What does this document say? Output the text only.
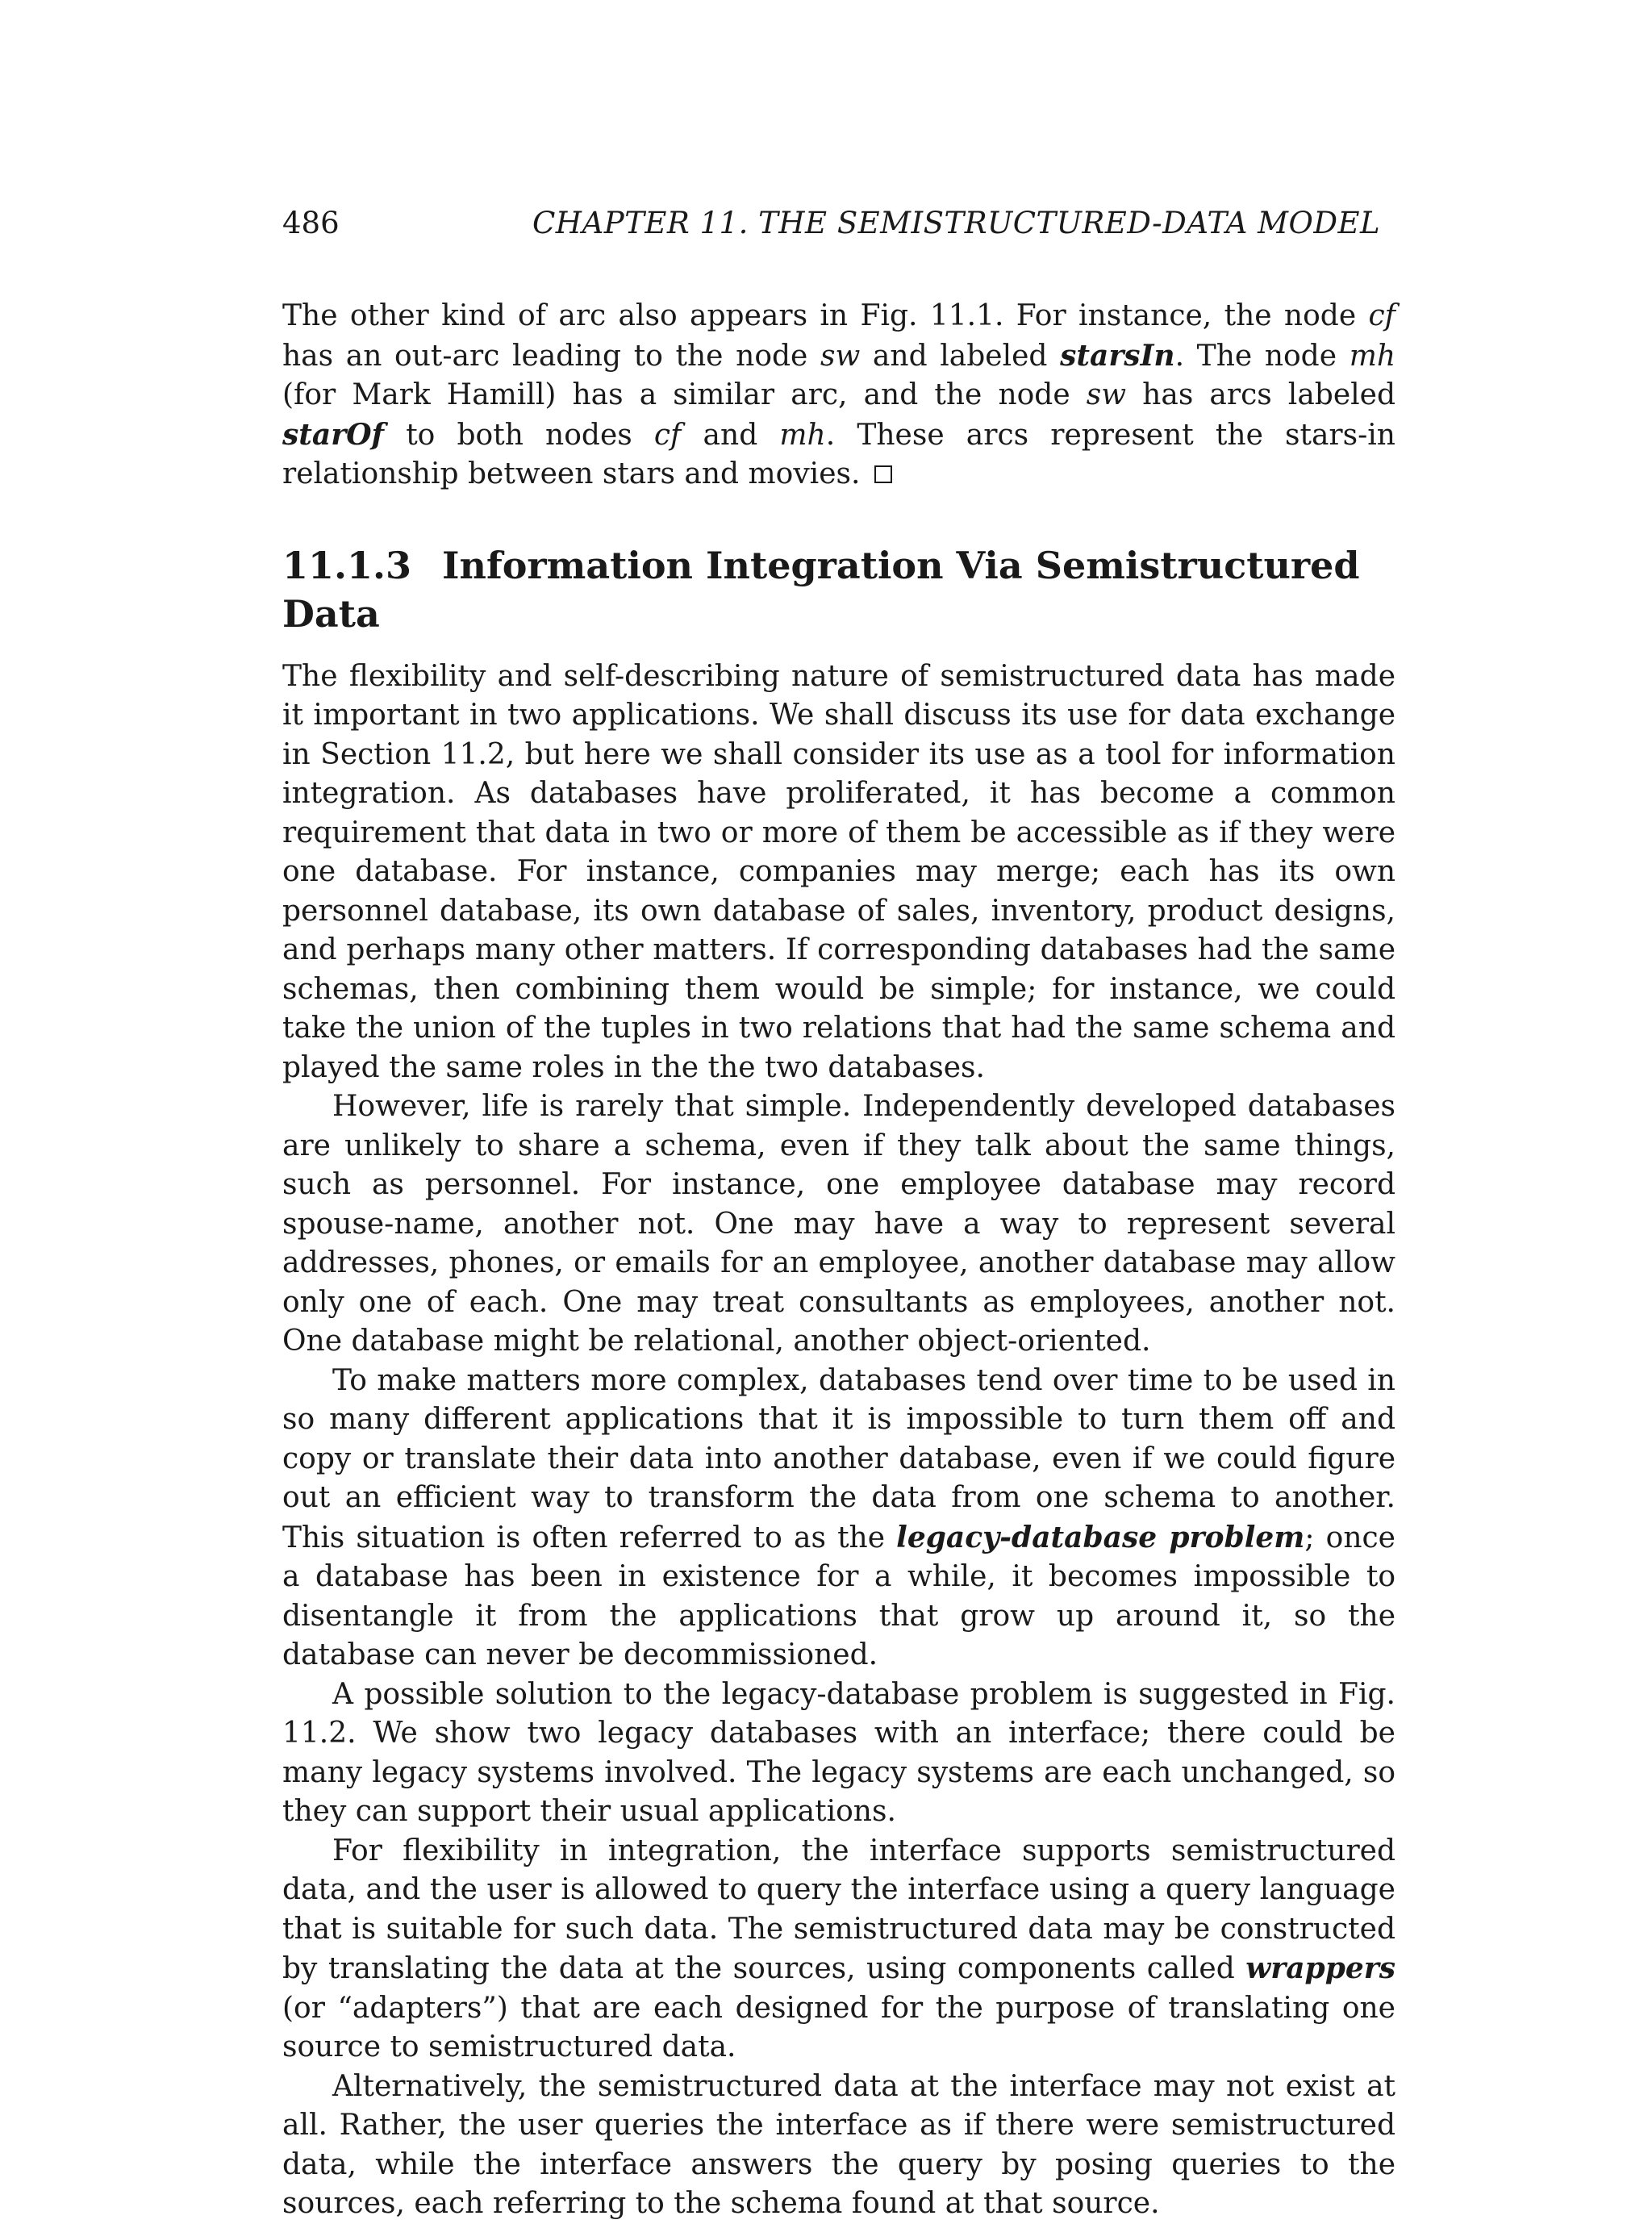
486	CHAPTER 11. THE SEMISTRUCTURED-DATA MODEL

The other kind of arc also appears in Fig. 11.1. For instance, the node cf has an out-arc leading to the node sw and labeled starsIn. The node mh (for Mark Hamill) has a similar arc, and the node sw has arcs labeled starOf to both nodes cf and mh. These arcs represent the stars-in relationship between stars and movies.

11.1.3 Information Integration Via Semistructured Data

The flexibility and self-describing nature of semistructured data has made it important in two applications. We shall discuss its use for data exchange in Section 11.2, but here we shall consider its use as a tool for information integration. As databases have proliferated, it has become a common requirement that data in two or more of them be accessible as if they were one database. For instance, companies may merge; each has its own personnel database, its own database of sales, inventory, product designs, and perhaps many other matters. If corresponding databases had the same schemas, then combining them would be simple; for instance, we could take the union of the tuples in two relations that had the same schema and played the same roles in the the two databases.

However, life is rarely that simple. Independently developed databases are unlikely to share a schema, even if they talk about the same things, such as personnel. For instance, one employee database may record spouse-name, another not. One may have a way to represent several addresses, phones, or emails for an employee, another database may allow only one of each. One may treat consultants as employees, another not. One database might be relational, another object-oriented.

To make matters more complex, databases tend over time to be used in so many different applications that it is impossible to turn them off and copy or translate their data into another database, even if we could figure out an efficient way to transform the data from one schema to another. This situation is often referred to as the legacy-database problem; once a database has been in existence for a while, it becomes impossible to disentangle it from the applications that grow up around it, so the database can never be decommissioned.

A possible solution to the legacy-database problem is suggested in Fig. 11.2. We show two legacy databases with an interface; there could be many legacy systems involved. The legacy systems are each unchanged, so they can support their usual applications.

For flexibility in integration, the interface supports semistructured data, and the user is allowed to query the interface using a query language that is suitable for such data. The semistructured data may be constructed by translating the data at the sources, using components called wrappers (or “adapters”) that are each designed for the purpose of translating one source to semistructured data.

Alternatively, the semistructured data at the interface may not exist at all. Rather, the user queries the interface as if there were semistructured data, while the interface answers the query by posing queries to the sources, each referring to the schema found at that source.
